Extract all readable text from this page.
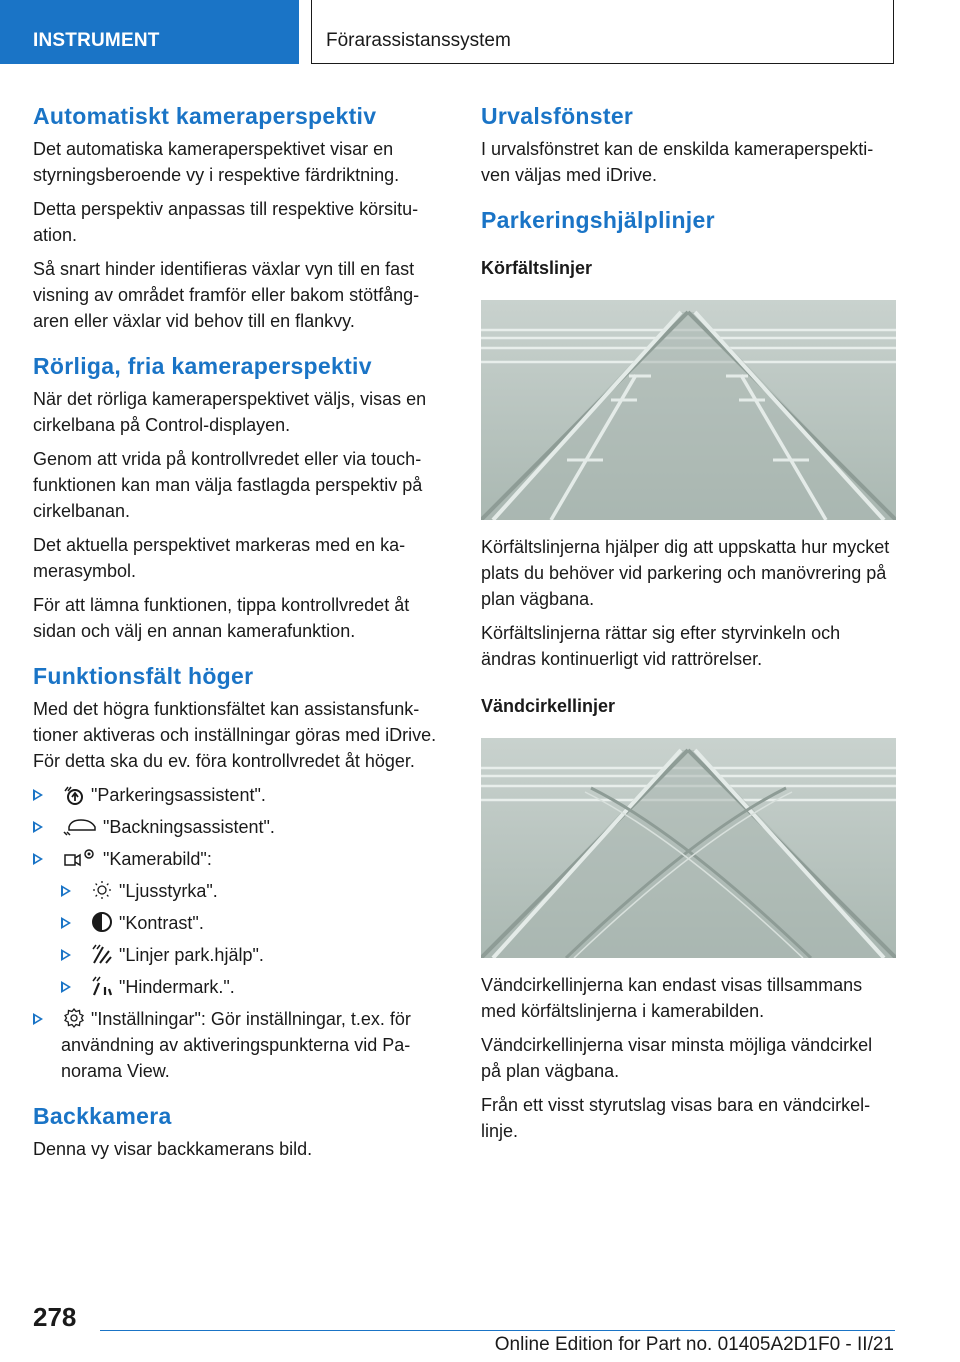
INSTRUMENT	Förarassistanssystem
Automatiskt kameraperspektiv

Det automatiska kameraperspektivet visar en styrningsberoende vy i respektive färdriktning.

Detta perspektiv anpassas till respektive körsituation.

Så snart hinder identifieras växlar vyn till en fast visning av området framför eller bakom stötfångaren eller växlar vid behov till en flankvy.

Rörliga, fria kameraperspektiv

När det rörliga kameraperspektivet väljs, visas en cirkelbana på Control-displayen.

Genom att vrida på kontrollvredet eller via touchfunktionen kan man välja fastlagda perspektiv på cirkelbanan.

Det aktuella perspektivet markeras med en kamerasymbol.

För att lämna funktionen, tippa kontrollvredet åt sidan och välj en annan kamerafunktion.

Funktionsfält höger

Med det högra funktionsfältet kan assistansfunktioner aktiveras och inställningar göras med iDrive. För detta ska du ev. föra kontrollvredet åt höger.

"Parkeringsassistent".
"Backningsassistent".
"Kamerabild":
"Ljusstyrka".
"Kontrast".
"Linjer park.hjälp".
"Hindermark.".
"Inställningar": Gör inställningar, t.ex. för användning av aktiveringspunkterna vid Panorama View.
Backkamera

Denna vy visar backkamerans bild.

Urvalsfönster

I urvalsfönstret kan de enskilda kameraperspektiven väljas med iDrive.

Parkeringshjälplinjer
Körfältslinjer

Körfältslinjerna hjälper dig att uppskatta hur mycket plats du behöver vid parkering och manövrering på plan vägbana.

Körfältslinjerna rättar sig efter styrvinkeln och ändras kontinuerligt vid rattrörelser.

Vändcirkellinjer

Vändcirkellinjerna kan endast visas tillsammans med körfältslinjerna i kamerabilden.

Vändcirkellinjerna visar minsta möjliga vändcirkel på plan vägbana.

Från ett visst styrutslag visas bara en vändcirkellinje.

278
Online Edition for Part no. 01405A2D1F0 - II/21
